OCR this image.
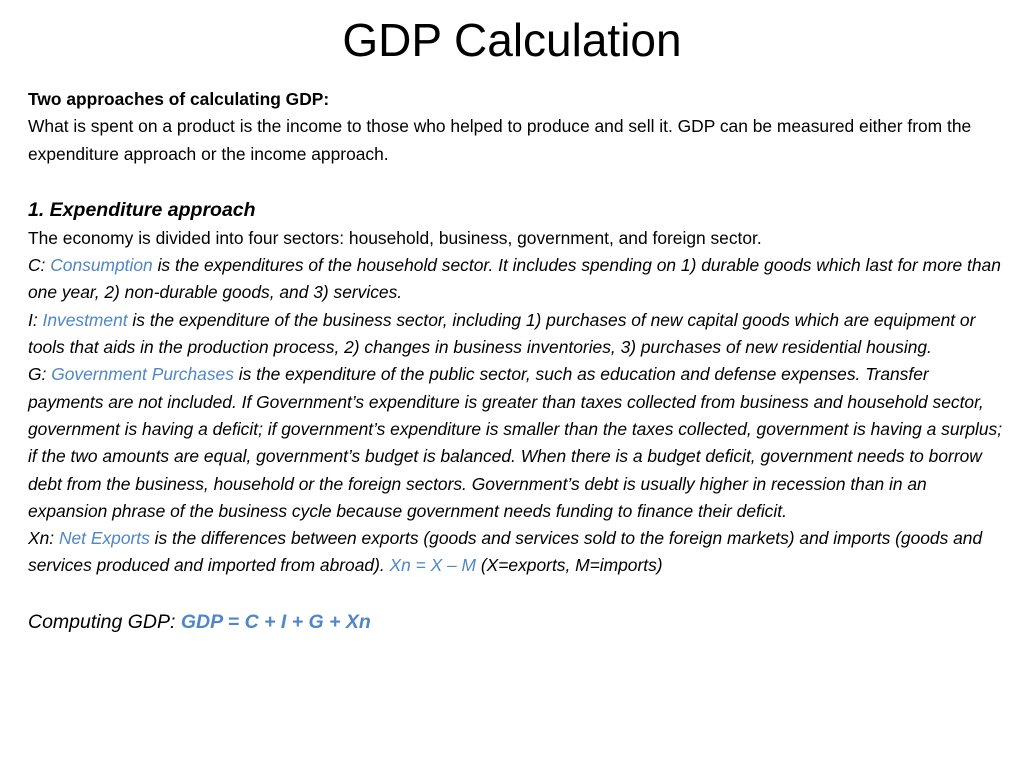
GDP Calculation

Two approaches of calculating GDP:

What is spent on a product is the income to those who helped to produce and sell it. GDP can be measured either from the expenditure approach or the income approach.

1. Expenditure approach

The economy is divided into four sectors: household, business, government, and foreign sector.

C: Consumption is the expenditures of the household sector. It includes spending on 1) durable goods which last for more than one year, 2) non-durable goods, and 3) services.

I: Investment is the expenditure of the business sector, including 1) purchases of new capital goods which are equipment or tools that aids in the production process, 2) changes in business inventories, 3) purchases of new residential housing.

G: Government Purchases is the expenditure of the public sector, such as education and defense expenses. Transfer payments are not included. If Government’s expenditure is greater than taxes collected from business and household sector, government is having a deficit; if government’s expenditure is smaller than the taxes collected, government is having a surplus; if the two amounts are equal, government’s budget is balanced. When there is a budget deficit, government needs to borrow debt from the business, household or the foreign sectors. Government’s debt is usually higher in recession than in an expansion phrase of the business cycle because government needs funding to finance their deficit.

Xn: Net Exports is the differences between exports (goods and services sold to the foreign markets) and imports (goods and services produced and imported from abroad). Xn = X – M (X=exports, M=imports)

Computing GDP: GDP = C + I + G + Xn
